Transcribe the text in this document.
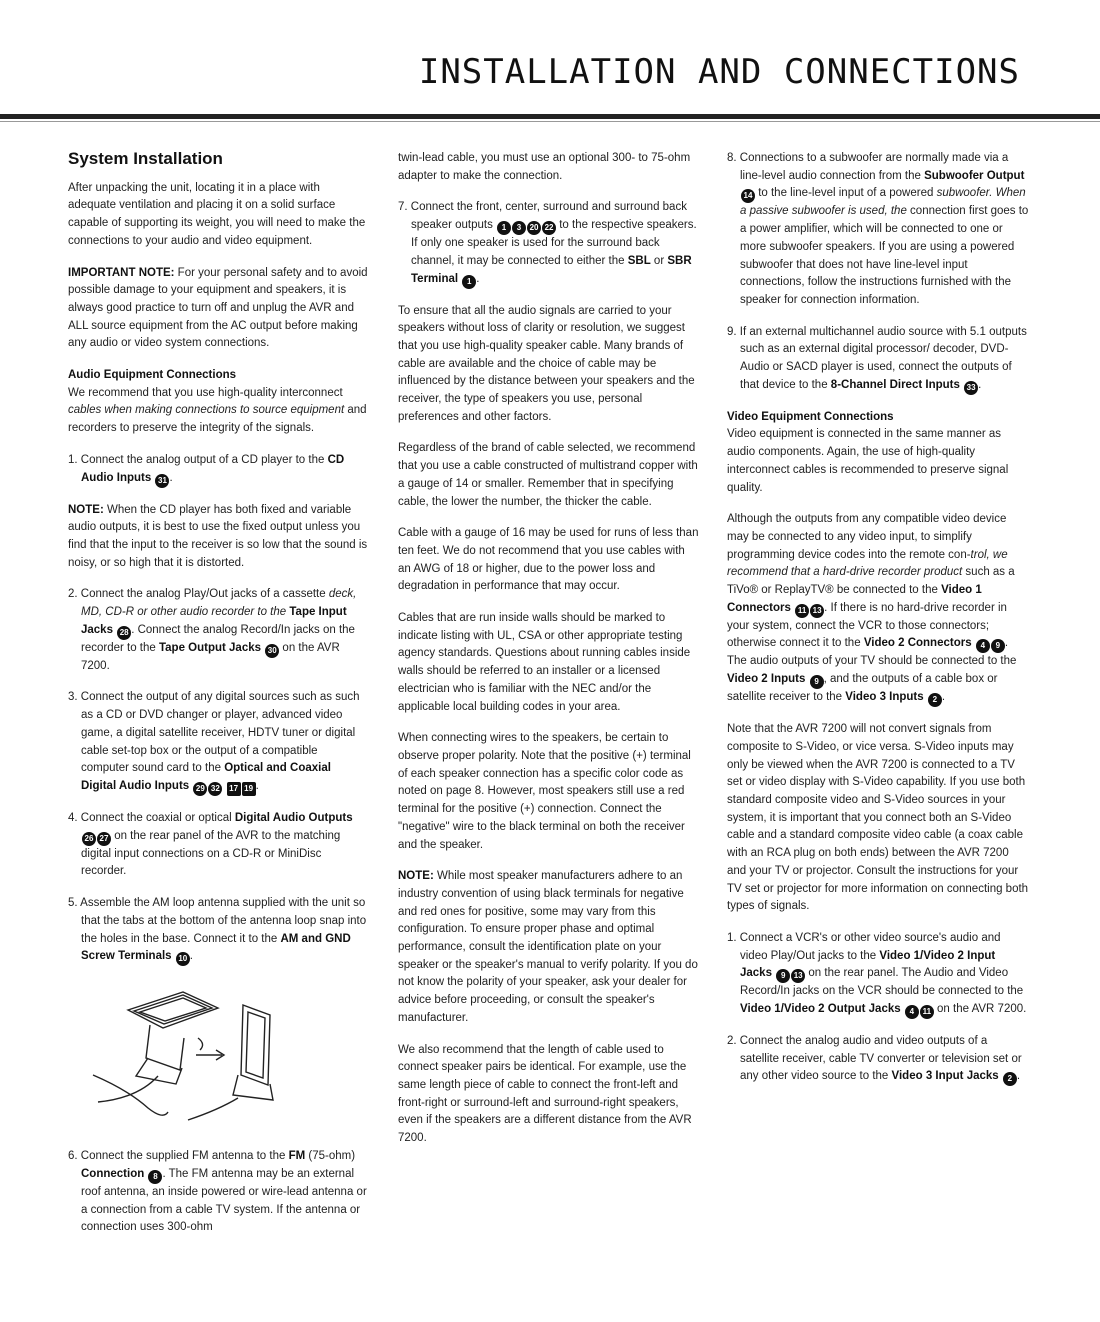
INSTALLATION AND CONNECTIONS

System Installation

After unpacking the unit, locating it in a place with adequate ventilation and placing it on a solid surface capable of supporting its weight, you will need to make the connections to your audio and video equipment.

IMPORTANT NOTE: For your personal safety and to avoid possible damage to your equipment and speakers, it is always good practice to turn off and unplug the AVR and ALL source equipment from the AC output before making any audio or video system connections.

Audio Equipment Connections

We recommend that you use high-quality interconnect cables when making connections to source equipment and recorders to preserve the integrity of the signals.

1. Connect the analog output of a CD player to the CD Audio Inputs 31 .

NOTE: When the CD player has both fixed and variable audio outputs, it is best to use the fixed output unless you find that the input to the receiver is so low that the sound is noisy, or so high that it is distorted.

2. Connect the analog Play/Out jacks of a cassette deck, MD, CD-R or other audio recorder to the Tape Input Jacks 28 . Connect the analog Record/In jacks on the recorder to the Tape Output Jacks 30 on the AVR 7200.

3. Connect the output of any digital sources such as such as a CD or DVD changer or player, advanced video game, a digital satellite receiver, HDTV tuner or digital cable set-top box or the output of a compatible computer sound card to the Optical and Coaxial Digital Audio Inputs 29 32 17 19 .

4. Connect the coaxial or optical Digital Audio Outputs 26 27 on the rear panel of the AVR to the matching digital input connections on a CD-R or MiniDisc recorder.

5. Assemble the AM loop antenna supplied with the unit so that the tabs at the bottom of the antenna loop snap into the holes in the base. Connect it to the AM and GND Screw Terminals 10 .

6. Connect the supplied FM antenna to the FM (75-ohm) Connection 8 . The FM antenna may be an external roof antenna, an inside powered or wire-lead antenna or a connection from a cable TV system. If the antenna or connection uses 300-ohm

twin-lead cable, you must use an optional 300- to 75-ohm adapter to make the connection.

7. Connect the front, center, surround and surround back speaker outputs 1 3 20 22 to the respective speakers. If only one speaker is used for the surround back channel, it may be connected to either the SBL or SBR Terminal 1 .

To ensure that all the audio signals are carried to your speakers without loss of clarity or resolution, we suggest that you use high-quality speaker cable. Many brands of cable are available and the choice of cable may be influenced by the distance between your speakers and the receiver, the type of speakers you use, personal preferences and other factors.

Regardless of the brand of cable selected, we recommend that you use a cable constructed of multistrand copper with a gauge of 14 or smaller. Remember that in specifying cable, the lower the number, the thicker the cable.

Cable with a gauge of 16 may be used for runs of less than ten feet. We do not recommend that you use cables with an AWG of 18 or higher, due to the power loss and degradation in performance that may occur.

Cables that are run inside walls should be marked to indicate listing with UL, CSA or other appropriate testing agency standards. Questions about running cables inside walls should be referred to an installer or a licensed electrician who is familiar with the NEC and/or the applicable local building codes in your area.

When connecting wires to the speakers, be certain to observe proper polarity. Note that the positive (+) terminal of each speaker connection has a specific color code as noted on page 8. However, most speakers still use a red terminal for the positive (+) connection. Connect the "negative" wire to the black terminal on both the receiver and the speaker.

NOTE: While most speaker manufacturers adhere to an industry convention of using black terminals for negative and red ones for positive, some may vary from this configuration. To ensure proper phase and optimal performance, consult the identification plate on your speaker or the speaker's manual to verify polarity. If you do not know the polarity of your speaker, ask your dealer for advice before proceeding, or consult the speaker's manufacturer.

We also recommend that the length of cable used to connect speaker pairs be identical. For example, use the same length piece of cable to connect the front-left and front-right or surround-left and surround-right speakers, even if the speakers are a different distance from the AVR 7200.

8. Connections to a subwoofer are normally made via a line-level audio connection from the Subwoofer Output 14 to the line-level input of a powered subwoofer. When a passive subwoofer is used, the connection first goes to a power amplifier, which will be connected to one or more subwoofer speakers. If you are using a powered subwoofer that does not have line-level input connections, follow the instructions furnished with the speaker for connection information.

9. If an external multichannel audio source with 5.1 outputs such as an external digital processor/ decoder, DVD-Audio or SACD player is used, connect the outputs of that device to the 8-Channel Direct Inputs 33 .

Video Equipment Connections

Video equipment is connected in the same manner as audio components. Again, the use of high-quality interconnect cables is recommended to preserve signal quality.

Although the outputs from any compatible video device may be connected to any video input, to simplify programming device codes into the remote con-trol, we recommend that a hard-drive recorder product such as a TiVo® or ReplayTV® be connected to the Video 1 Connectors 11 13 . If there is no hard-drive recorder in your system, connect the VCR to those connectors; otherwise connect it to the Video 2 Connectors 4 9 . The audio outputs of your TV should be connected to the Video 2 Inputs 9 , and the outputs of a cable box or satellite receiver to the Video 3 Inputs 2 .

Note that the AVR 7200 will not convert signals from composite to S-Video, or vice versa. S-Video inputs may only be viewed when the AVR 7200 is connected to a TV set or video display with S-Video capability. If you use both standard composite video and S-Video sources in your system, it is important that you connect both an S-Video cable and a standard composite video cable (a coax cable with an RCA plug on both ends) between the AVR 7200 and your TV or projector. Consult the instructions for your TV set or projector for more information on connecting both types of signals.

1. Connect a VCR's or other video source's audio and video Play/Out jacks to the Video 1/Video 2 Input Jacks 9 13 on the rear panel. The Audio and Video Record/In jacks on the VCR should be connected to the Video 1/Video 2 Output Jacks 4 11 on the AVR 7200.

2. Connect the analog audio and video outputs of a satellite receiver, cable TV converter or television set or any other video source to the Video 3 Input Jacks 2 .
